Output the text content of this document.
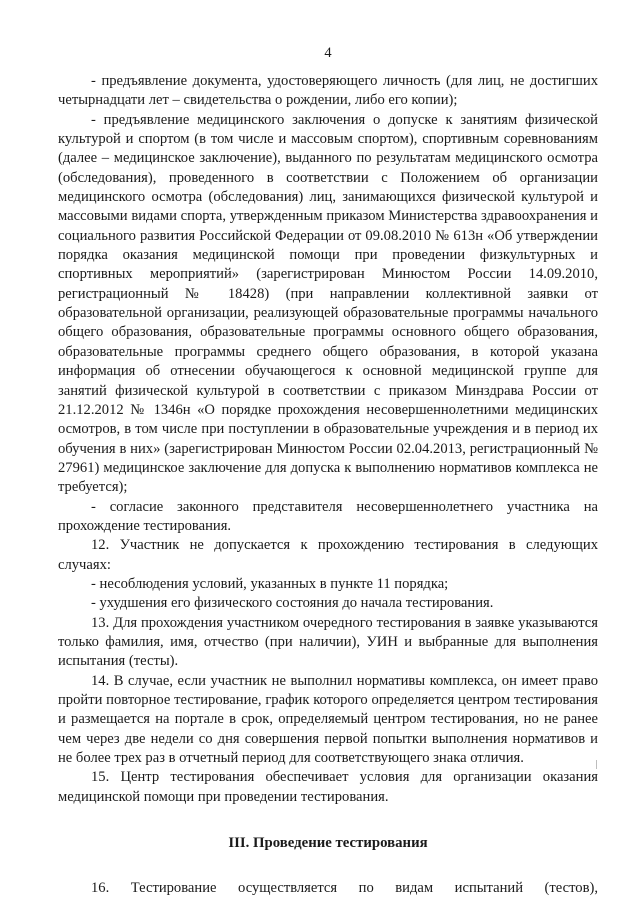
4

- предъявление документа, удостоверяющего личность (для лиц, не достигших четырнадцати лет – свидетельства о рождении, либо его копии);

- предъявление медицинского заключения о допуске к занятиям физической культурой и спортом (в том числе и массовым спортом), спортивным соревнованиям (далее – медицинское заключение), выданного по результатам медицинского осмотра (обследования), проведенного в соответствии с Положением об организации медицинского осмотра (обследования) лиц, занимающихся физической культурой и массовыми видами спорта, утвержденным приказом Министерства здравоохранения и социального развития Российской Федерации от 09.08.2010 № 613н «Об утверждении порядка оказания медицинской помощи при проведении физкультурных и спортивных мероприятий» (зарегистрирован Минюстом России 14.09.2010, регистрационный № 18428) (при направлении коллективной заявки от образовательной организации, реализующей образовательные программы начального общего образования, образовательные программы основного общего образования, образовательные программы среднего общего образования, в которой указана информация об отнесении обучающегося к основной медицинской группе для занятий физической культурой в соответствии с приказом Минздрава России от 21.12.2012 № 1346н «О порядке прохождения несовершеннолетними медицинских осмотров, в том числе при поступлении в образовательные учреждения и в период их обучения в них» (зарегистрирован Минюстом России 02.04.2013, регистрационный № 27961) медицинское заключение для допуска к выполнению нормативов комплекса не требуется);

- согласие законного представителя несовершеннолетнего участника на прохождение тестирования.

12. Участник не допускается к прохождению тестирования в следующих случаях:

- несоблюдения условий, указанных в пункте 11 порядка;

- ухудшения его физического состояния до начала тестирования.

13. Для прохождения участником очередного тестирования в заявке указываются только фамилия, имя, отчество (при наличии), УИН и выбранные для выполнения испытания (тесты).

14. В случае, если участник не выполнил нормативы комплекса, он имеет право пройти повторное тестирование, график которого определяется центром тестирования и размещается на портале в срок, определяемый центром тестирования, но не ранее чем через две недели со дня совершения первой попытки выполнения нормативов и не более трех раз в отчетный период для соответствующего знака отличия.

15. Центр тестирования обеспечивает условия для организации оказания медицинской помощи при проведении тестирования.

III. Проведение тестирования

16. Тестирование осуществляется по видам испытаний (тестов),
